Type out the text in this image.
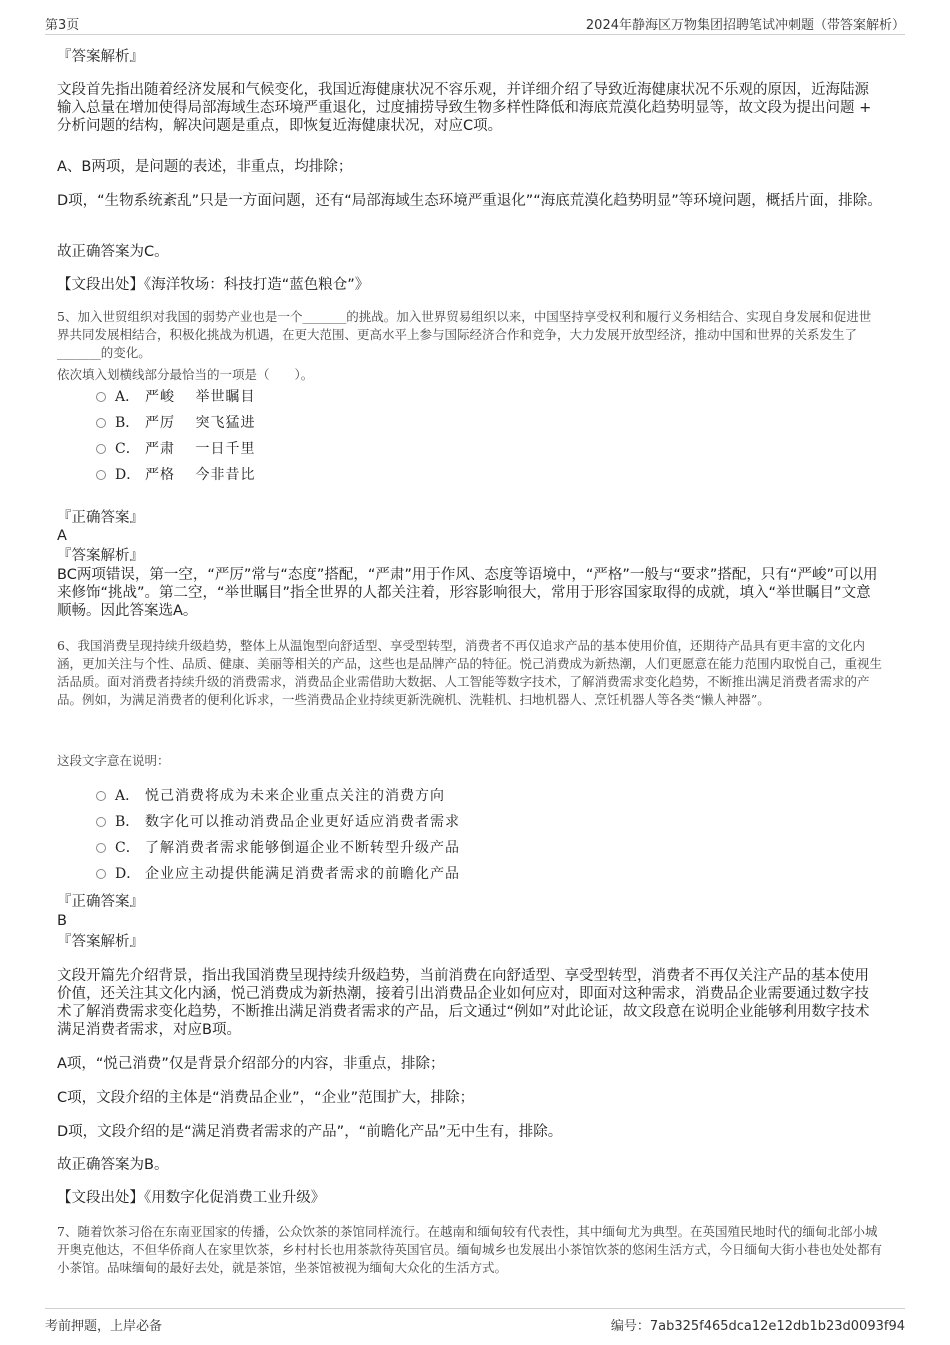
第3页	2024年静海区万物集团招聘笔试冲刺题（带答案解析）

『答案解析』

文段首先指出随着经济发展和气候变化，我国近海健康状况不容乐观，并详细介绍了导致近海健康状况不乐观的原因，近海陆源输入总量在增加使得局部海域生态环境严重退化，过度捕捞导致生物多样性降低和海底荒漠化趋势明显等，故文段为提出问题 + 分析问题的结构，解决问题是重点，即恢复近海健康状况，对应C项。

A、B两项，是问题的表述，非重点，均排除；

D项，“生物系统紊乱”只是一方面问题，还有“局部海域生态环境严重退化”“海底荒漠化趋势明显”等环境问题，概括片面，排除。

故正确答案为C。

【文段出处】《海洋牧场：科技打造“蓝色粮仓”》

5、加入世贸组织对我国的弱势产业也是一个_______的挑战。加入世界贸易组织以来，中国坚持享受权利和履行义务相结合、实现自身发展和促进世界共同发展相结合，积极化挑战为机遇，在更大范围、更高水平上参与国际经济合作和竞争，大力发展开放型经济，推动中国和世界的关系发生了_______的变化。

依次填入划横线部分最恰当的一项是（　　）。

A． 严峻　 举世瞩目
B． 严厉　 突飞猛进
C． 严肃　 一日千里
D． 严格　 今非昔比

『正确答案』

A

『答案解析』

BC两项错误，第一空，“严厉”常与“态度”搭配，“严肃”用于作风、态度等语境中，“严格”一般与“要求”搭配，只有“严峻”可以用来修饰“挑战”。第二空，“举世瞩目”指全世界的人都关注着，形容影响很大，常用于形容国家取得的成就，填入“举世瞩目”文意顺畅。因此答案选A。

6、我国消费呈现持续升级趋势，整体上从温饱型向舒适型、享受型转型，消费者不再仅追求产品的基本使用价值，还期待产品具有更丰富的文化内涵，更加关注与个性、品质、健康、美丽等相关的产品，这些也是品牌产品的特征。悦己消费成为新热潮，人们更愿意在能力范围内取悦自己，重视生活品质。面对消费者持续升级的消费需求，消费品企业需借助大数据、人工智能等数字技术，了解消费需求变化趋势，不断推出满足消费者需求的产品。例如，为满足消费者的便利化诉求，一些消费品企业持续更新洗碗机、洗鞋机、扫地机器人、烹饪机器人等各类“懒人神器”。

这段文字意在说明：

A． 悦己消费将成为未来企业重点关注的消费方向
B． 数字化可以推动消费品企业更好适应消费者需求
C． 了解消费者需求能够倒逼企业不断转型升级产品
D． 企业应主动提供能满足消费者需求的前瞻化产品

『正确答案』

B

『答案解析』

文段开篇先介绍背景，指出我国消费呈现持续升级趋势，当前消费在向舒适型、享受型转型，消费者不再仅关注产品的基本使用价值，还关注其文化内涵，悦己消费成为新热潮，接着引出消费品企业如何应对，即面对这种需求，消费品企业需要通过数字技术了解消费需求变化趋势，不断推出满足消费者需求的产品，后文通过“例如”对此论证，故文段意在说明企业能够利用数字技术满足消费者需求，对应B项。

A项，“悦己消费”仅是背景介绍部分的内容，非重点，排除；

C项，文段介绍的主体是“消费品企业”，“企业”范围扩大，排除；

D项，文段介绍的是“满足消费者需求的产品”，“前瞻化产品”无中生有，排除。

故正确答案为B。

【文段出处】《用数字化促消费工业升级》

7、随着饮茶习俗在东南亚国家的传播，公众饮茶的茶馆同样流行。在越南和缅甸较有代表性，其中缅甸尤为典型。在英国殖民地时代的缅甸北部小城开奥克他达，不但华侨商人在家里饮茶，乡村村长也用茶款待英国官员。缅甸城乡也发展出小茶馆饮茶的悠闲生活方式，今日缅甸大街小巷也处处都有小茶馆。品味缅甸的最好去处，就是茶馆，坐茶馆被视为缅甸大众化的生活方式。

考前押题，上岸必备	编号：7ab325f465dca12e12db1b23d0093f94
